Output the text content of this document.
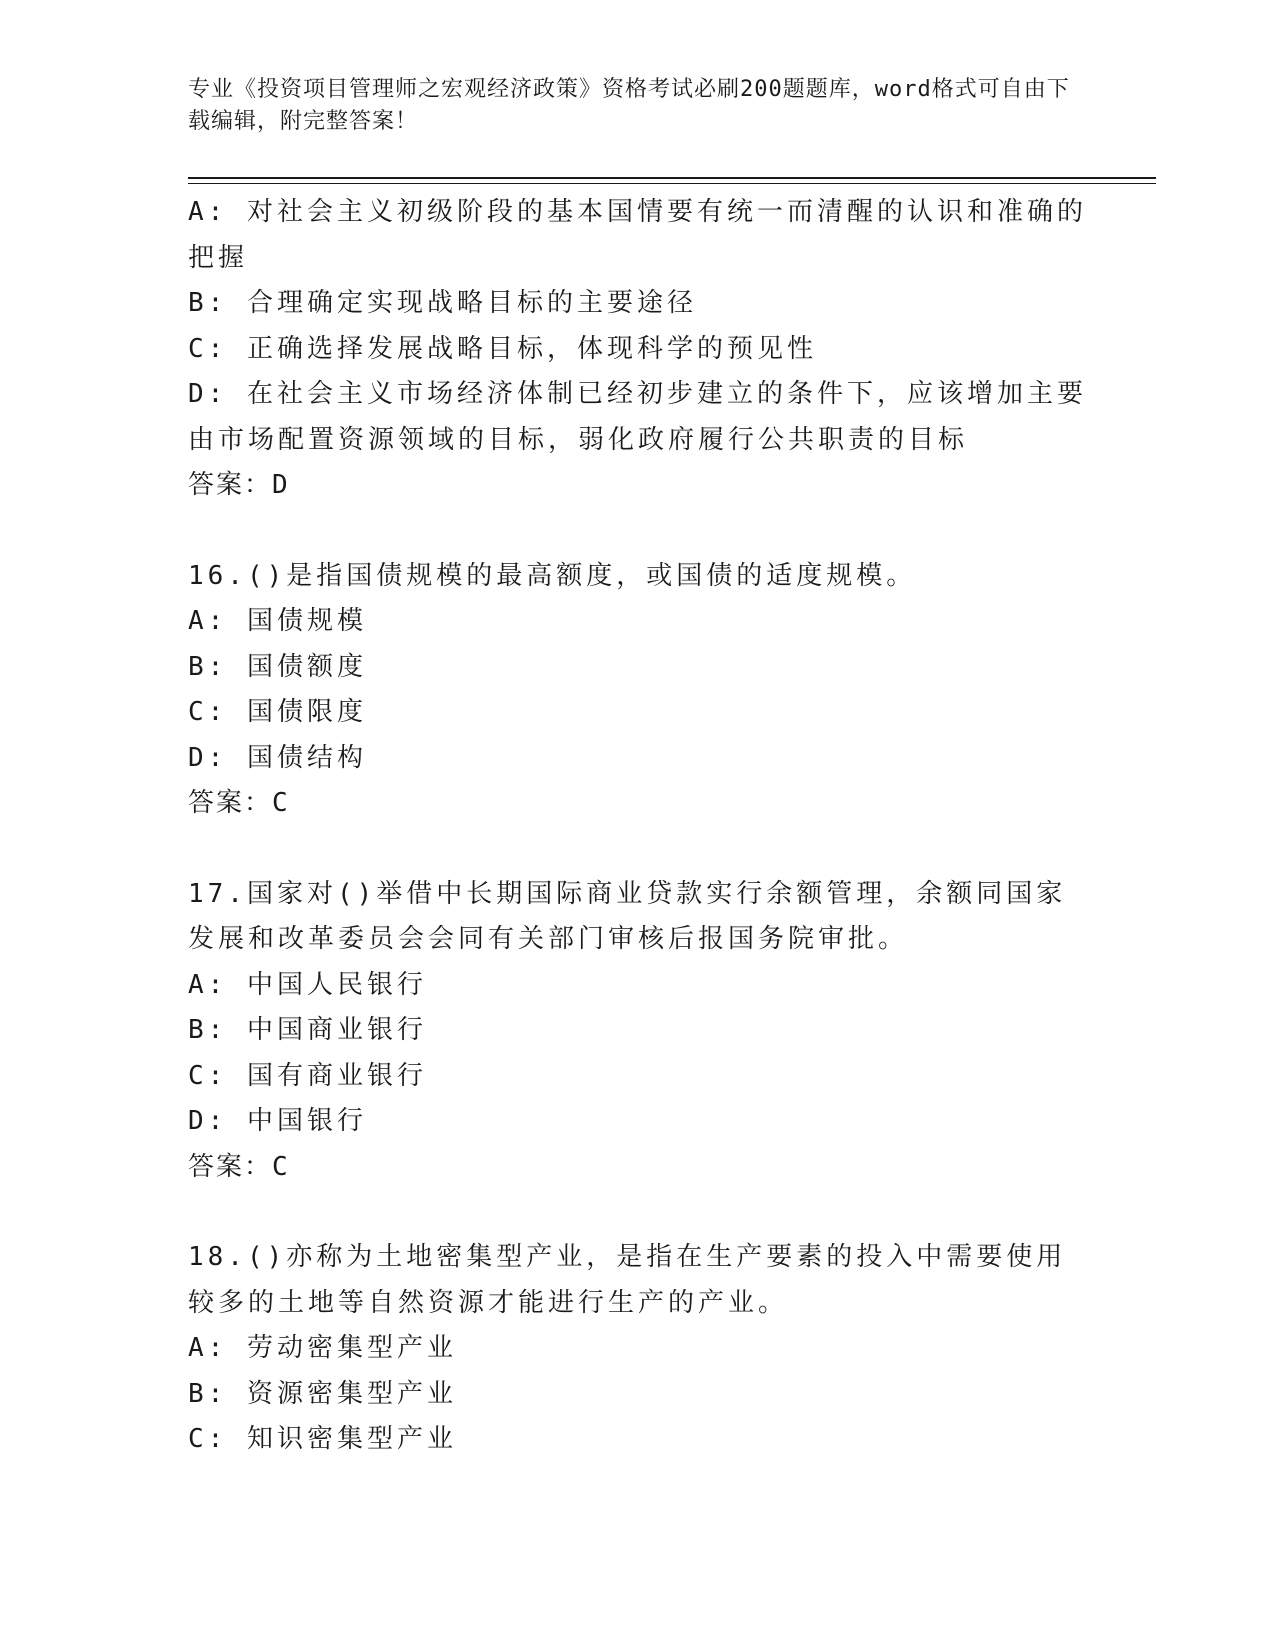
专业《投资项目管理师之宏观经济政策》资格考试必刷200题题库，word格式可自由下载编辑，附完整答案！
A: 对社会主义初级阶段的基本国情要有统一而清醒的认识和准确的把握
B: 合理确定实现战略目标的主要途径
C: 正确选择发展战略目标，体现科学的预见性
D: 在社会主义市场经济体制已经初步建立的条件下，应该增加主要由市场配置资源领域的目标，弱化政府履行公共职责的目标
答案：D
16.()是指国债规模的最高额度，或国债的适度规模。
A: 国债规模
B: 国债额度
C: 国债限度
D: 国债结构
答案：C
17.国家对()举借中长期国际商业贷款实行余额管理，余额同国家发展和改革委员会会同有关部门审核后报国务院审批。
A: 中国人民银行
B: 中国商业银行
C: 国有商业银行
D: 中国银行
答案：C
18.()亦称为土地密集型产业，是指在生产要素的投入中需要使用较多的土地等自然资源才能进行生产的产业。
A: 劳动密集型产业
B: 资源密集型产业
C: 知识密集型产业
